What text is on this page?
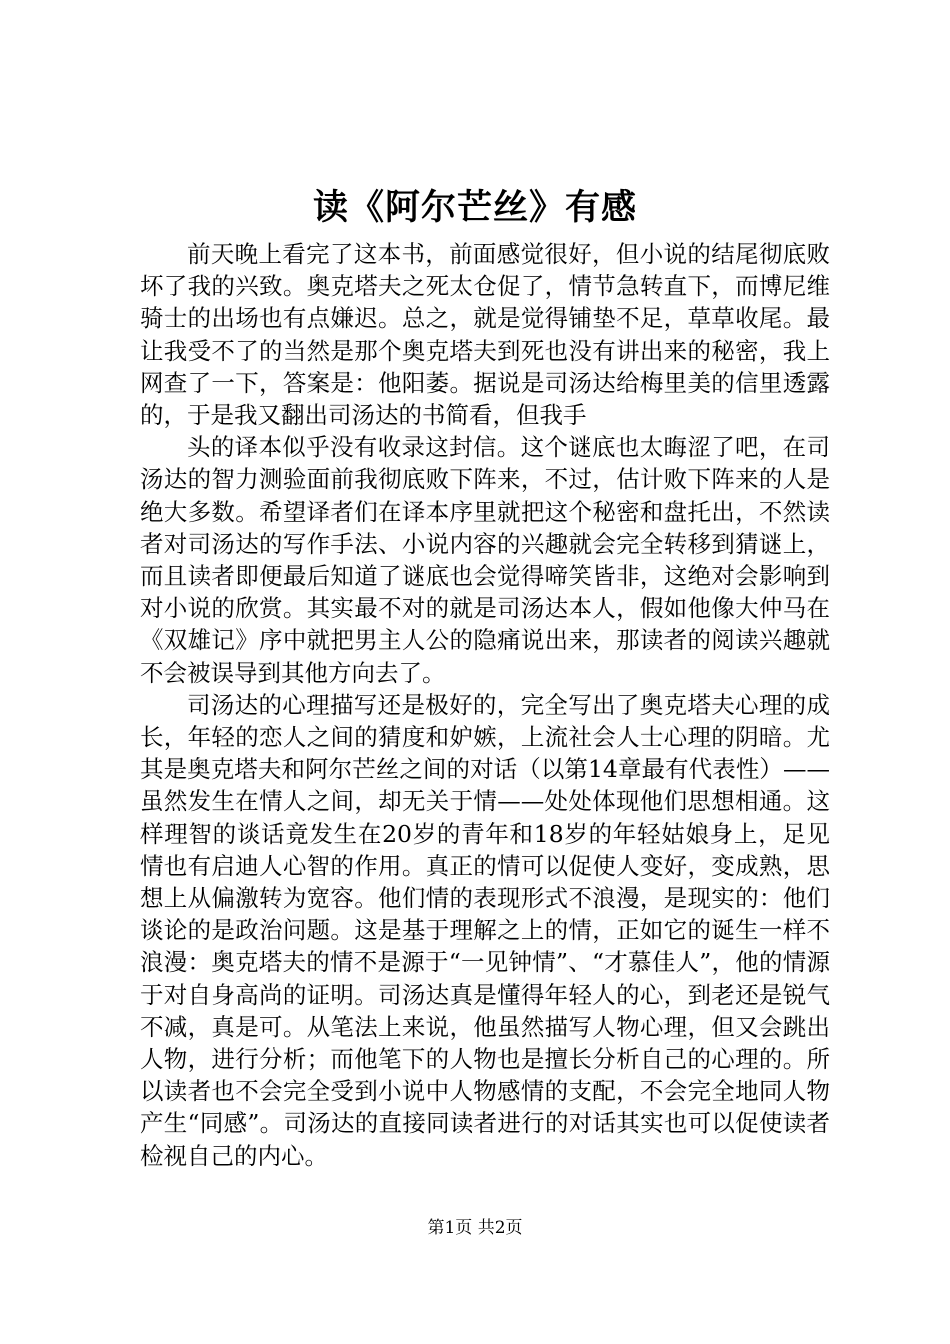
读《阿尔芒丝》有感

前天晚上看完了这本书，前面感觉很好，但小说的结尾彻底败坏了我的兴致。奥克塔夫之死太仓促了，情节急转直下，而博尼维骑士的出场也有点嫌迟。总之，就是觉得铺垫不足，草草收尾。最让我受不了的当然是那个奥克塔夫到死也没有讲出来的秘密，我上网查了一下，答案是：他阳萎。据说是司汤达给梅里美的信里透露的，于是我又翻出司汤达的书简看，但我手

头的译本似乎没有收录这封信。这个谜底也太晦涩了吧，在司汤达的智力测验面前我彻底败下阵来，不过，估计败下阵来的人是绝大多数。希望译者们在译本序里就把这个秘密和盘托出，不然读者对司汤达的写作手法、小说内容的兴趣就会完全转移到猜谜上，而且读者即便最后知道了谜底也会觉得啼笑皆非，这绝对会影响到对小说的欣赏。其实最不对的就是司汤达本人，假如他像大仲马在《双雄记》序中就把男主人公的隐痛说出来，那读者的阅读兴趣就不会被误导到其他方向去了。

司汤达的心理描写还是极好的，完全写出了奥克塔夫心理的成长，年轻的恋人之间的猜度和妒嫉，上流社会人士心理的阴暗。尤其是奥克塔夫和阿尔芒丝之间的对话（以第14章最有代表性）——虽然发生在情人之间，却无关于情——处处体现他们思想相通。这样理智的谈话竟发生在20岁的青年和18岁的年轻姑娘身上，足见情也有启迪人心智的作用。真正的情可以促使人变好，变成熟，思想上从偏激转为宽容。他们情的表现形式不浪漫，是现实的：他们谈论的是政治问题。这是基于理解之上的情，正如它的诞生一样不浪漫：奥克塔夫的情不是源于“一见钟情”、“才慕佳人”，他的情源于对自身高尚的证明。司汤达真是懂得年轻人的心，到老还是锐气不减，真是可。从笔法上来说，他虽然描写人物心理，但又会跳出人物，进行分析；而他笔下的人物也是擅长分析自己的心理的。所以读者也不会完全受到小说中人物感情的支配，不会完全地同人物产生“同感”。司汤达的直接同读者进行的对话其实也可以促使读者检视自己的内心。

第1页 共2页
